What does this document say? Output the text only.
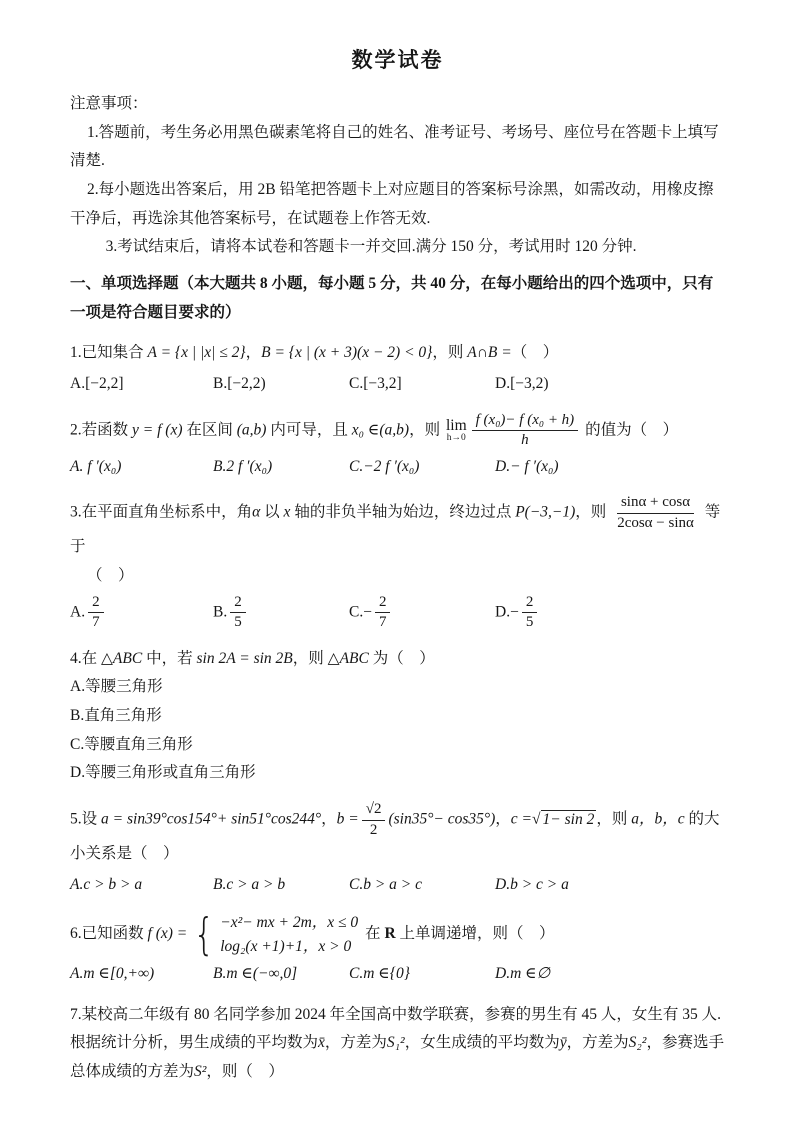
数学试卷

注意事项：

1.答题前，考生务必用黑色碳素笔将自己的姓名、准考证号、考场号、座位号在答题卡上填写清楚.

2.每小题选出答案后，用 2B 铅笔把答题卡上对应题目的答案标号涂黑，如需改动，用橡皮擦干净后，再选涂其他答案标号，在试题卷上作答无效.

3.考试结束后，请将本试卷和答题卡一并交回.满分 150 分，考试用时 120 分钟.

一、单项选择题（本大题共 8 小题，每小题 5 分，共 40 分，在每小题给出的四个选项中，只有一项是符合题目要求的）

1.已知集合 A = {x | |x| ≤ 2}，B = {x | (x + 3)(x − 2) < 0}，则 A∩B =（　）

A.[−2,2]	B.[−2,2)	C.[−3,2]	D.[−3,2)

2.若函数 y = f (x) 在区间 (a,b) 内可导，且 x₀ ∈(a,b)，则 lim
$h\to 0 \frac{\text{f (x₀)− f (x₀ + h)}}{h}$ 的值为（　）

A. f ′(x₀)	B.2 f ′(x₀)	C.−2 f ′(x₀)	D.− f ′(x₀)

3.在平面直角坐标系中，角α 以 x 轴的非负半轴为始边，终边过点 P(−3,−1)，则 $\frac{\sin\alpha + \cos\alpha}{2\cos\alpha - \sin\alpha}$ 等于

（　）

A. $\frac{2}{7}$	B. $\frac{2}{5}$	$C.- \frac{2}{7}$	$D.- \frac{2}{5}$

4.在 △ABC 中，若 sin 2A = sin 2B，则 △ABC 为（　）

A.等腰三角形

B.直角三角形

C.等腰直角三角形

D.等腰三角形或直角三角形

5.设 a = sin39°cos154°+ sin51°cos244°，$b = \frac{√2}{2} (\sin 35^\circ- \cos 35^\circ)$，c =√ 1− sin 2 ，则 a，b，c 的大小关系是（　）

A.c > b > a	B.c > a > b	C.b > a > c	D.b > c > a

6.已知函数 f (x) = { −x²− mx + 2m，x ≤ 0
log₂(x +1)+1，x > 0
在 R 上单调递增，则（　）

A.m ∈[0,+∞)	B.m ∈(−∞,0]	C.m ∈{0}	D.m ∈∅

7.某校高二年级有 80 名同学参加 2024 年全国高中数学联赛，参赛的男生有 45 人，女生有 35 人.根据统计分析，男生成绩的平均数为x̄，方差为S₁²，女生成绩的平均数为ȳ，方差为S₂²，参赛选手总体成绩的方差为S²，则（　）
